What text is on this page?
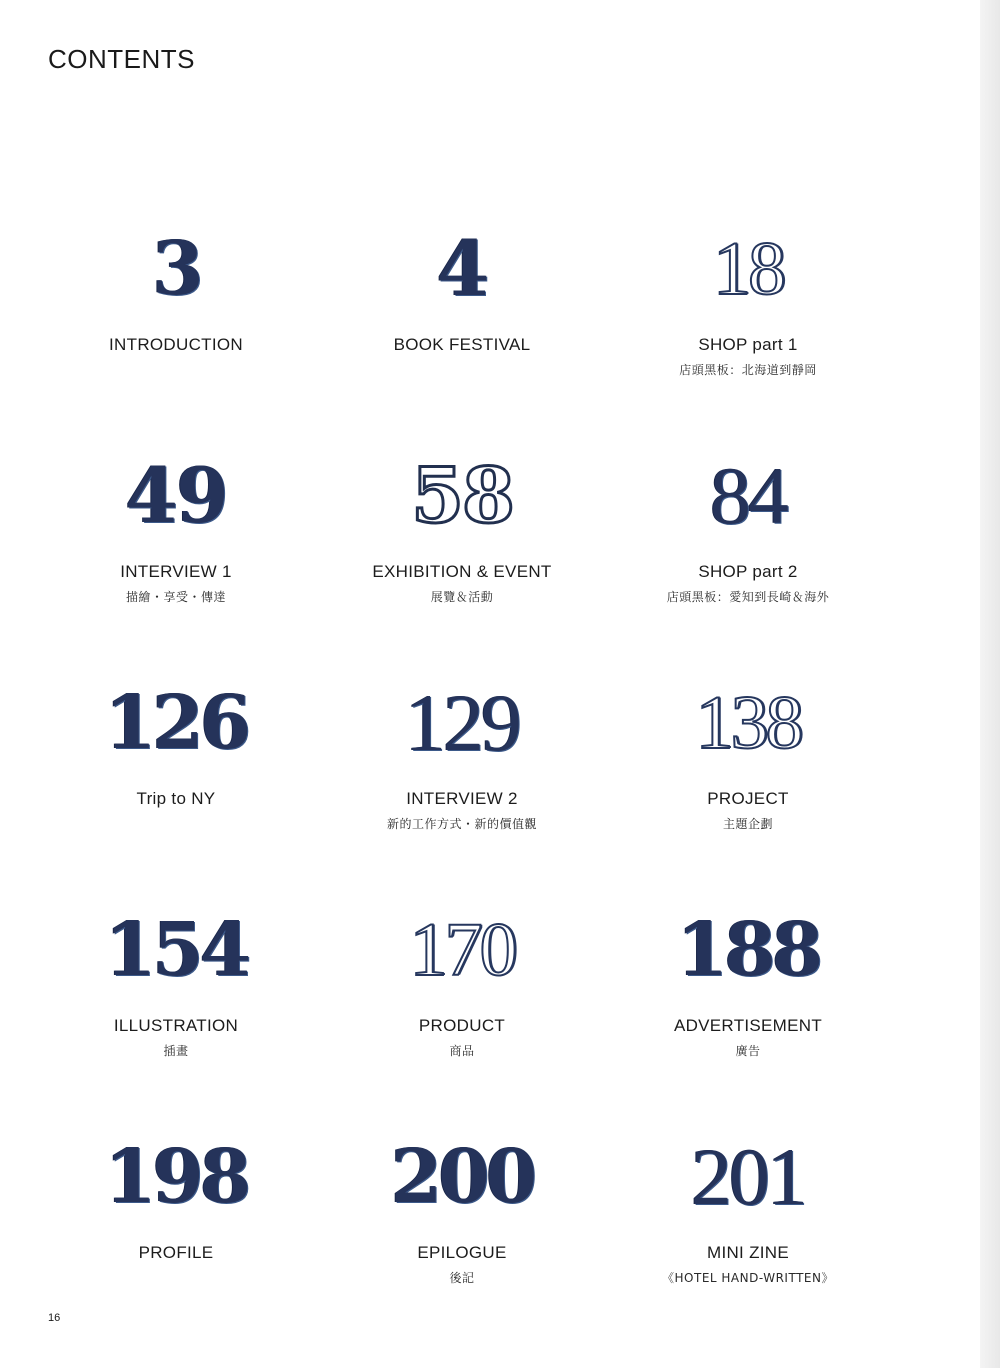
CONTENTS
3
INTRODUCTION
4
BOOK FESTIVAL
18
SHOP part 1
店頭黑板：北海道到靜岡
49
INTERVIEW 1
描繪・享受・傳達
58
EXHIBITION & EVENT
展覽＆活動
84
SHOP part 2
店頭黑板：愛知到長崎＆海外
126
Trip to NY
129
INTERVIEW 2
新的工作方式・新的價值觀
138
PROJECT
主題企劃
154
ILLUSTRATION
插畫
170
PRODUCT
商品
188
ADVERTISEMENT
廣告
198
PROFILE
200
EPILOGUE
後記
201
MINI ZINE
《HOTEL HAND-WRITTEN》
16
